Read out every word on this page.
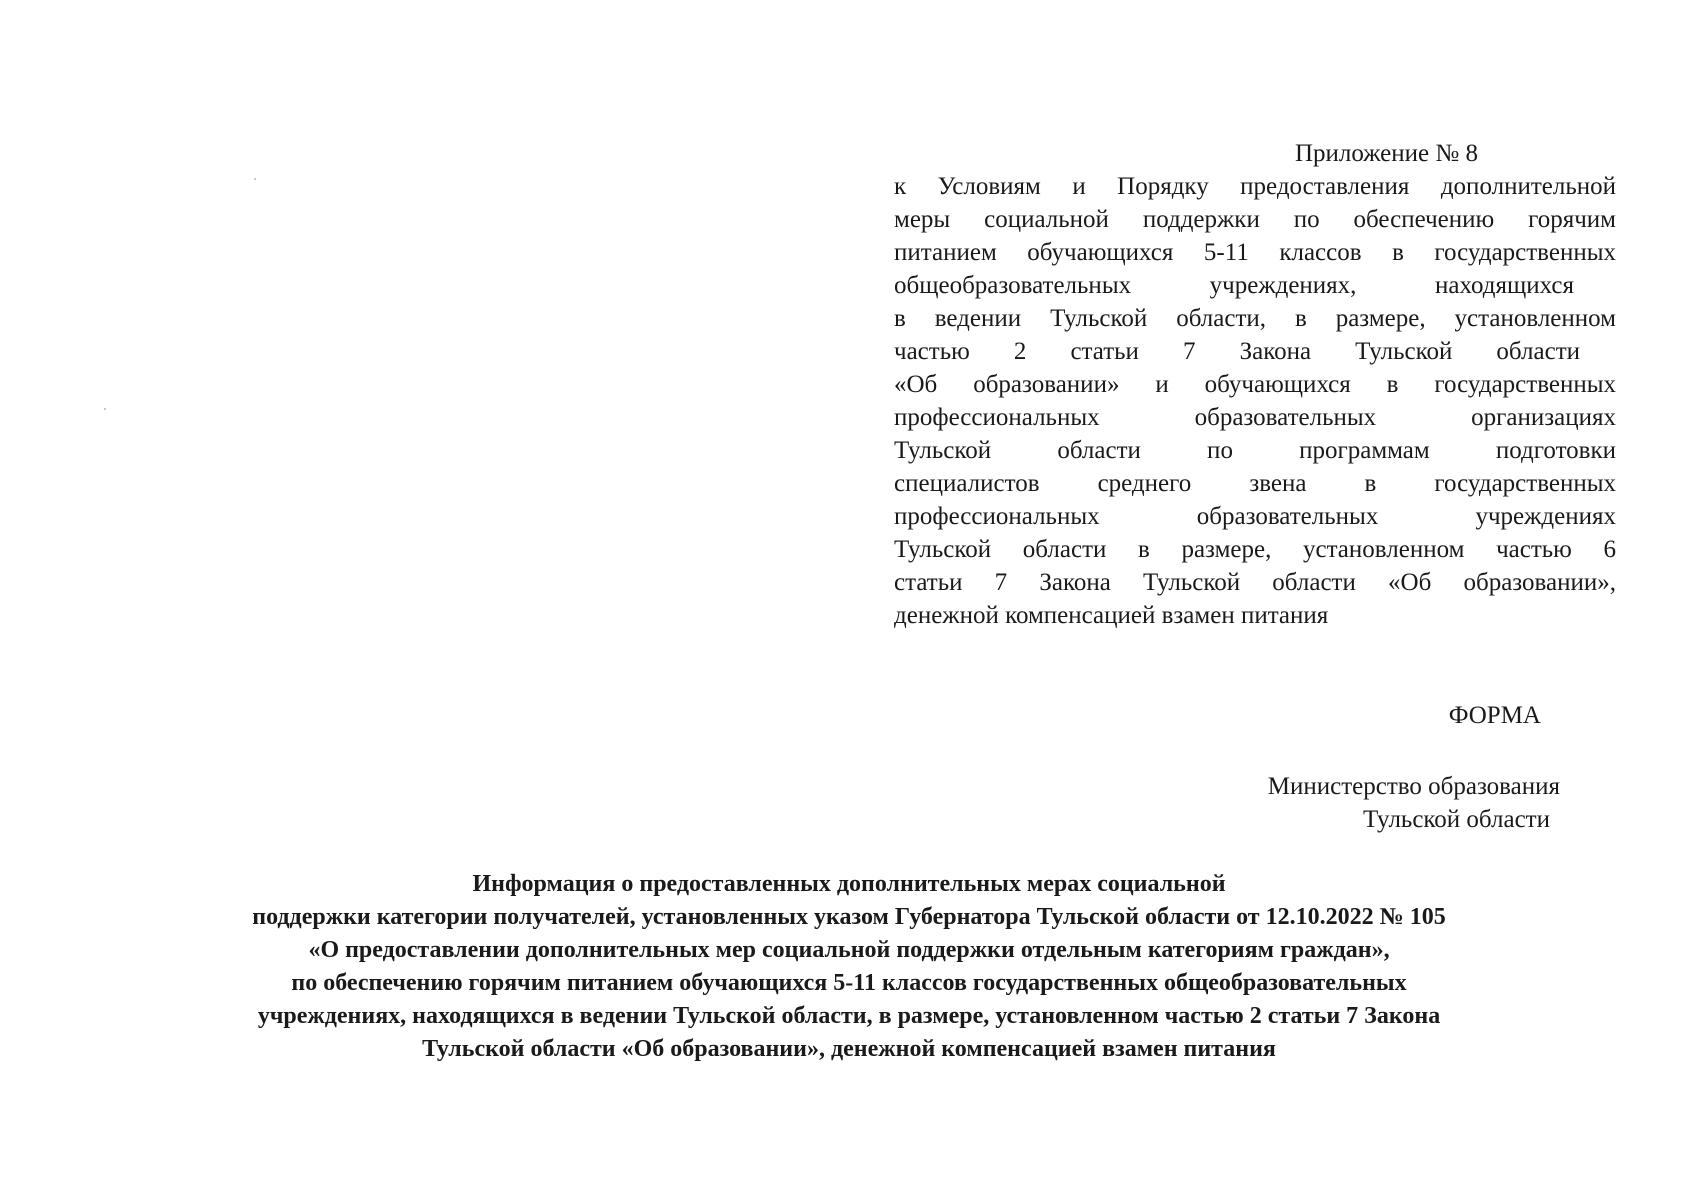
Приложение № 8

к Условиям и Порядку предоставления дополнительной
меры социальной поддержки по обеспечению горячим
питанием обучающихся 5-11 классов в государственных
общеобразовательных учреждениях, находящихся
в ведении Тульской области, в размере, установленном
частью 2 статьи 7 Закона Тульской области
«Об образовании» и обучающихся в государственных
профессиональных образовательных организациях
Тульской области по программам подготовки
специалистов среднего звена в государственных
профессиональных образовательных учреждениях
Тульской области в размере, установленном частью 6
статьи 7 Закона Тульской области «Об образовании»,
денежной компенсацией взамен питания

ФОРМА

Министерство образования
Тульской области
Информация о предоставленных дополнительных мерах социальной
поддержки категории получателей, установленных указом Губернатора Тульской области от 12.10.2022 № 105
«О предоставлении дополнительных мер социальной поддержки отдельным категориям граждан»,
по обеспечению горячим питанием обучающихся 5-11 классов государственных общеобразовательных
учреждениях, находящихся в ведении Тульской области, в размере, установленном частью 2 статьи 7 Закона
Тульской области «Об образовании», денежной компенсацией взамен питания
